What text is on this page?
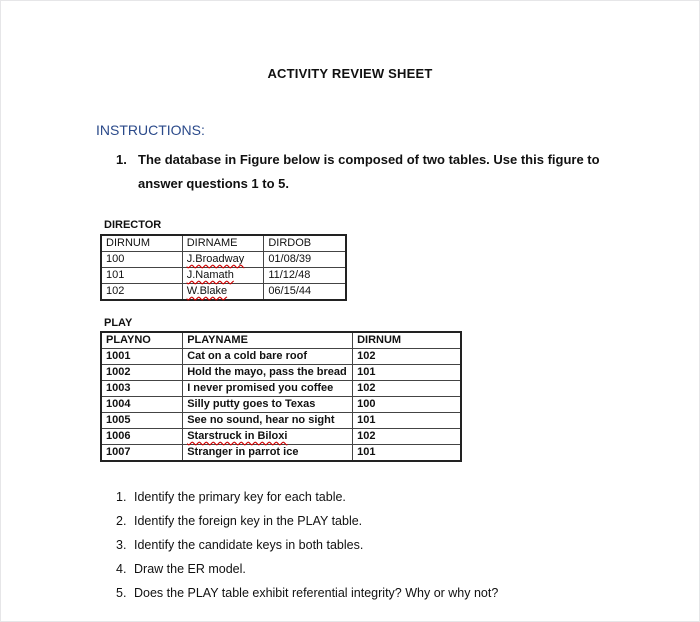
ACTIVITY REVIEW SHEET
INSTRUCTIONS:
1. The database in Figure below is composed of two tables. Use this figure to answer questions 1 to 5.
DIRECTOR
DIRNUM	DIRNAME	DIRDOB
100	J.Broadway	01/08/39
101	J.Namath	11/12/48
102	W.Blake	06/15/44
PLAY
PLAYNO	PLAYNAME	DIRNUM
1001	Cat on a cold bare roof	102
1002	Hold the mayo, pass the bread	101
1003	I never promised you coffee	102
1004	Silly putty goes to Texas	100
1005	See no sound, hear no sight	101
1006	Starstruck in Biloxi	102
1007	Stranger in parrot ice	101
1. Identify the primary key for each table.
2. Identify the foreign key in the PLAY table.
3. Identify the candidate keys in both tables.
4. Draw the ER model.
5. Does the PLAY table exhibit referential integrity? Why or why not?
